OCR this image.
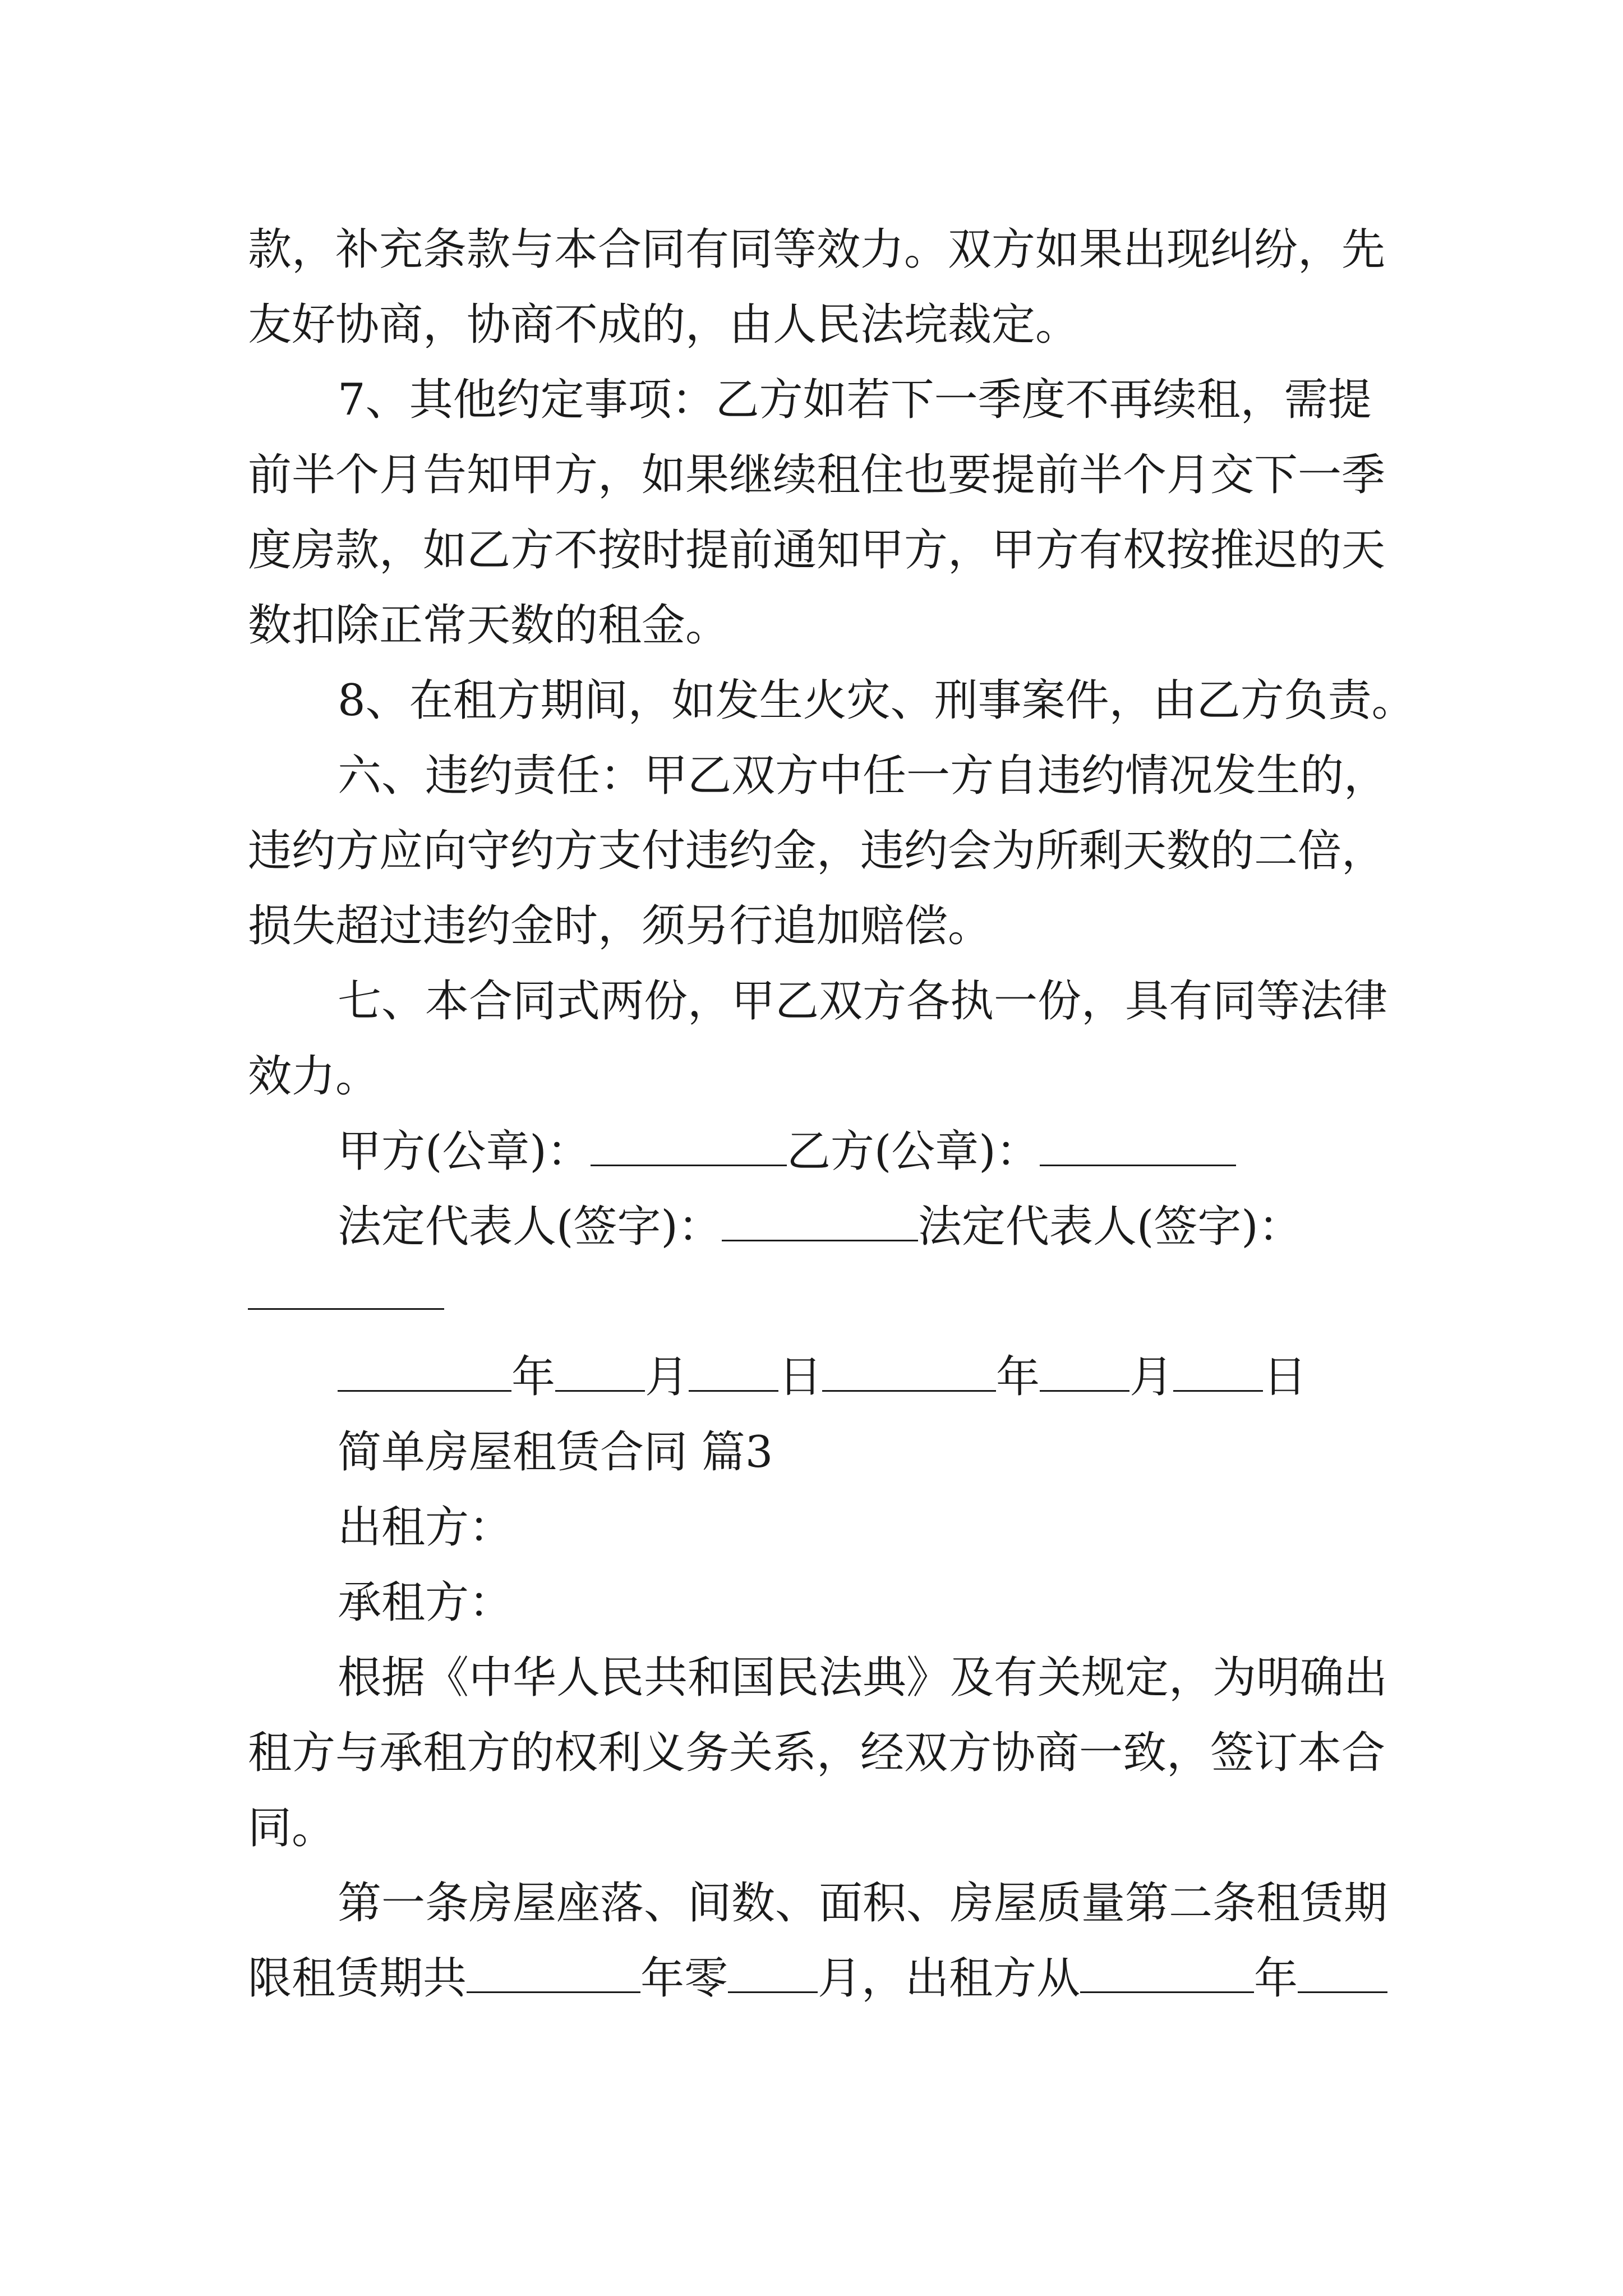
款，补充条款与本合同有同等效力。双方如果出现纠纷，先

友好协商，协商不成的，由人民法垸裁定。

7、其他约定事项：乙方如若下一季度不再续租，需提

前半个月告知甲方，如果继续租住也要提前半个月交下一季

度房款，如乙方不按时提前通知甲方，甲方有权按推迟的天

数扣除正常天数的租金。

8、在租方期间，如发生火灾、刑事案件，由乙方负责。

六、违约责任：甲乙双方中任一方自违约情况发生的，

违约方应向守约方支付违约金，违约会为所剩天数的二倍，

损失超过违约金时，须另行追加赔偿。

七、本合同式两份，甲乙双方各执一份，具有同等法律

效力。

甲方(公章)：	乙方(公章)：

法定代表人(签字)：	法定代表人(签字)：

年 月 日	年 月 日

简单房屋租赁合同 篇3

出租方：

承租方：

根据《中华人民共和国民法典》及有关规定，为明确出

租方与承租方的权利义务关系，经双方协商一致，签订本合

同。

第一条房屋座落、间数、面积、房屋质量第二条租赁期

限租赁期共	年零 月，出租方从	年
